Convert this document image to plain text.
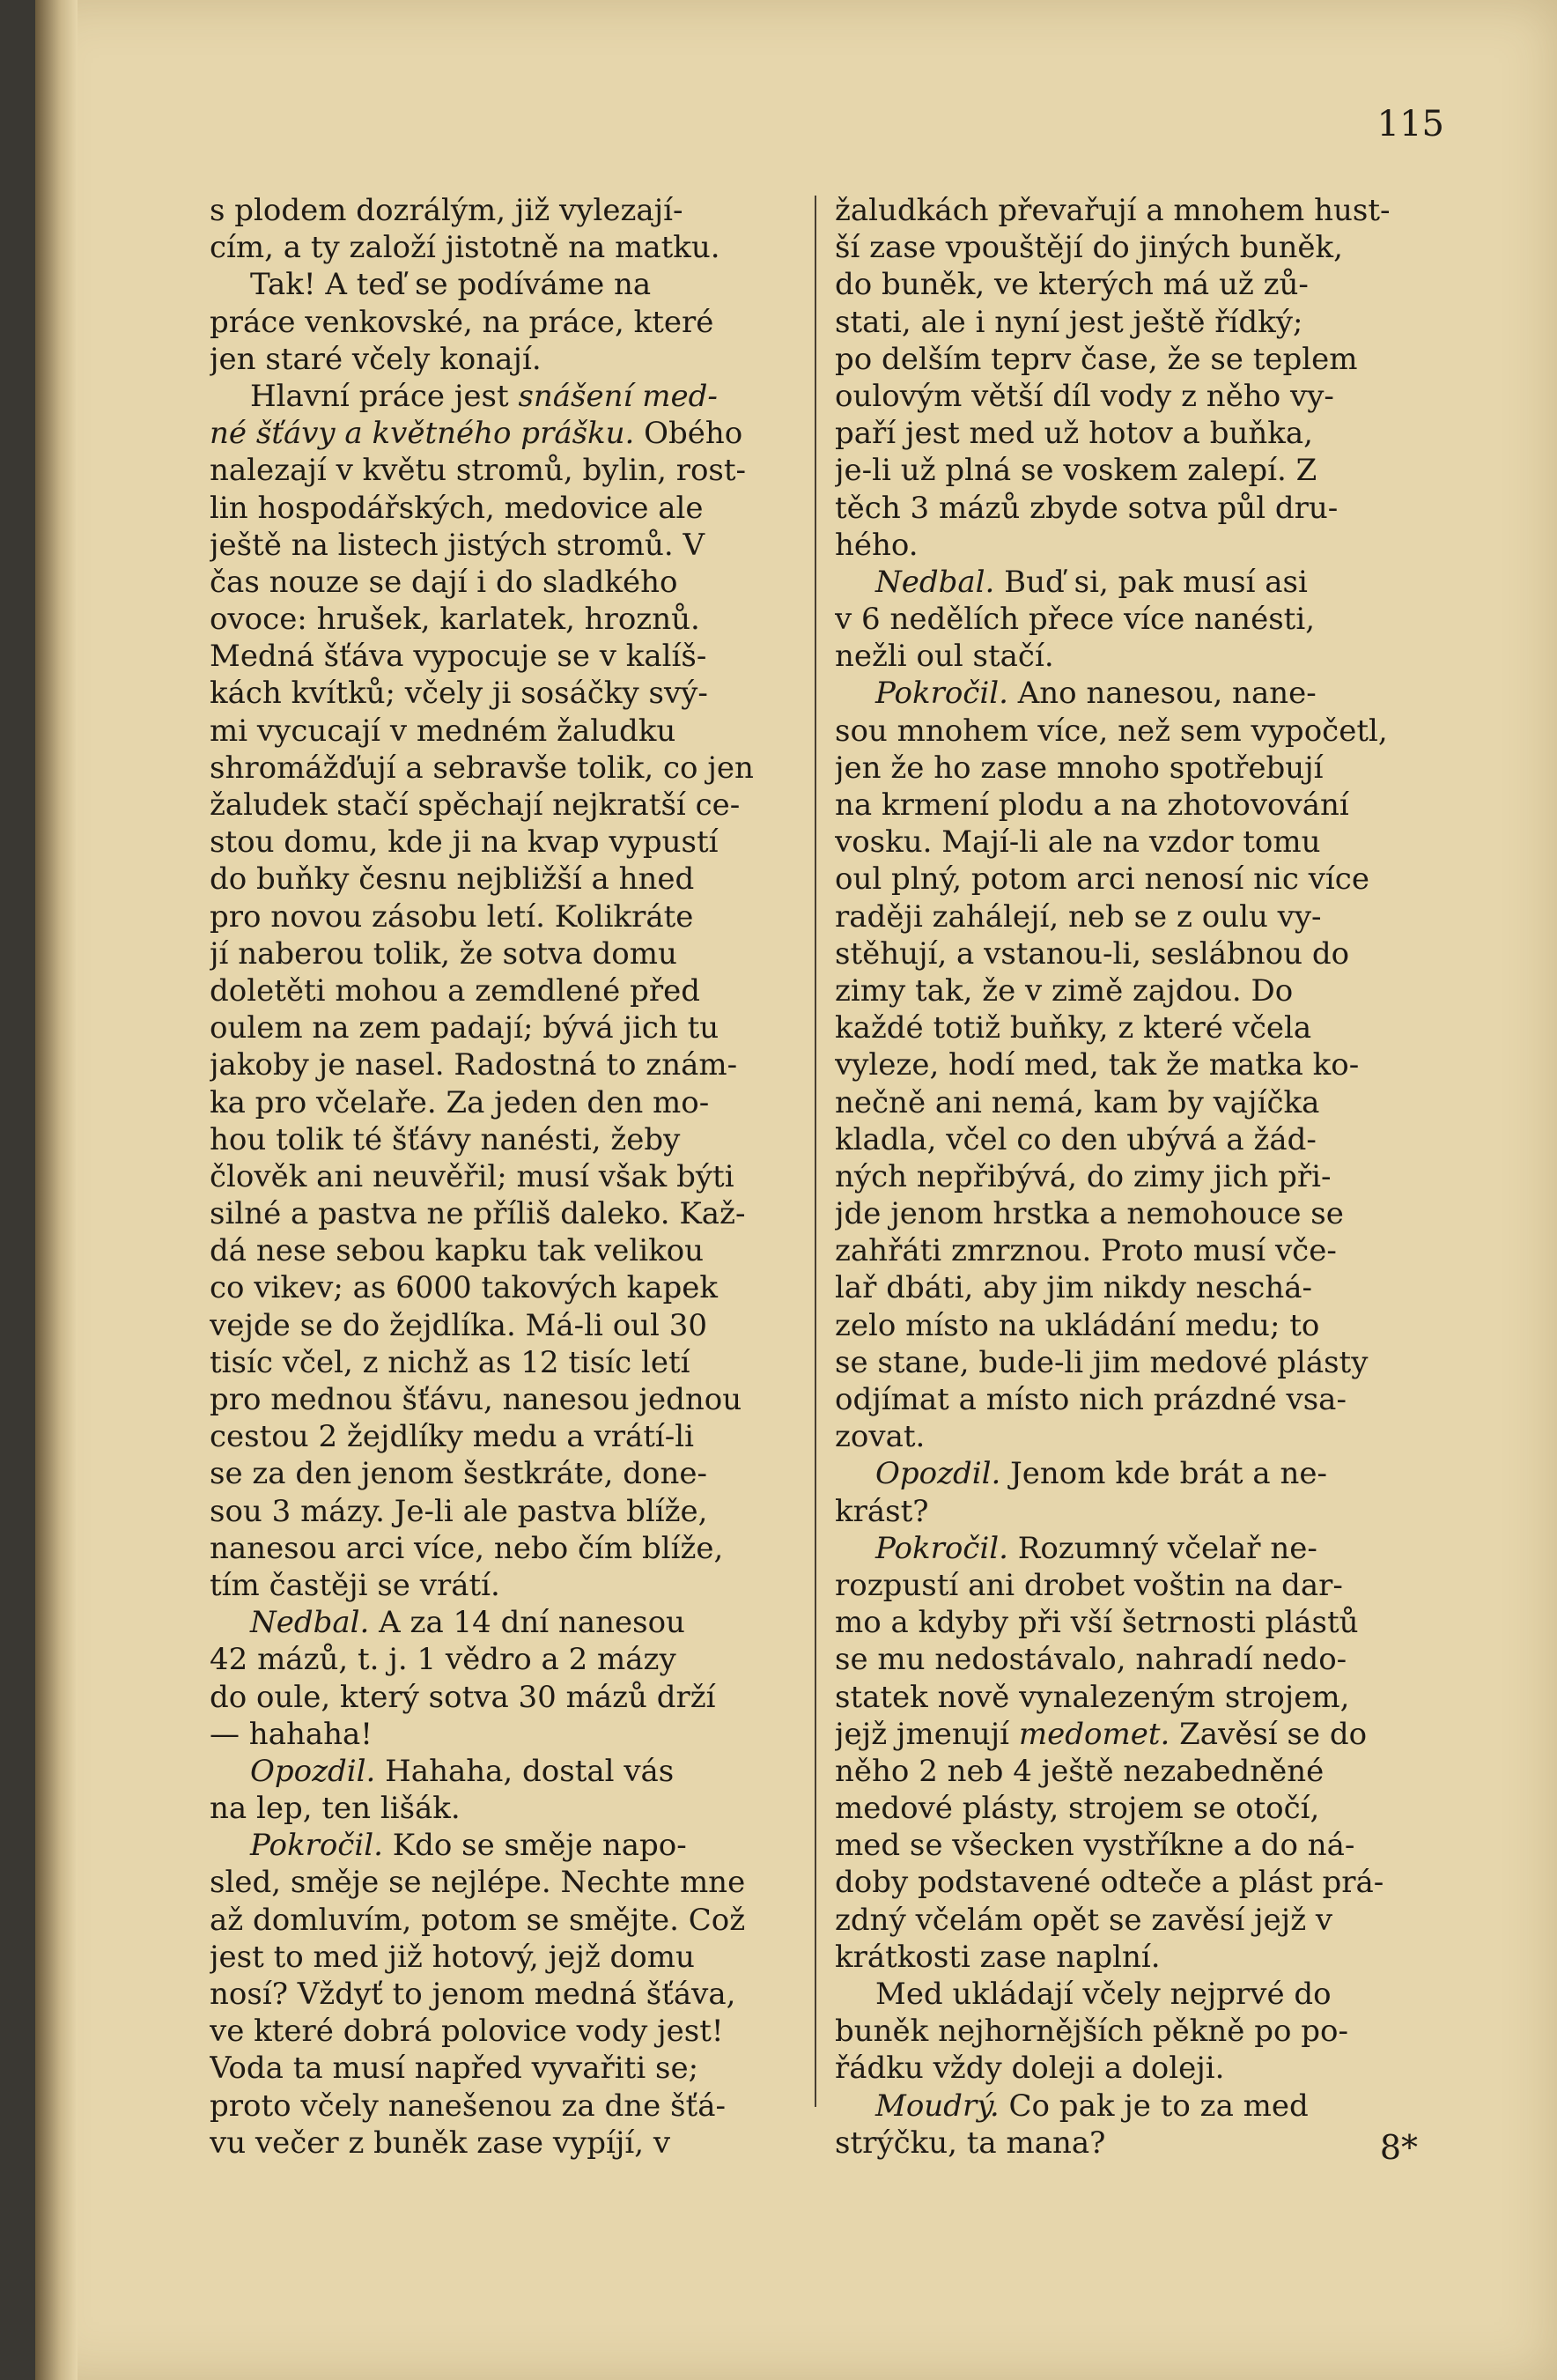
115
s plodem dozrálým, již vylezají-
cím, a ty založí jistotně na matku.
Tak! A teď se podíváme na
práce venkovské, na práce, které
jen staré včely konají.
Hlavní práce jest snášení med-
né šťávy a květného prášku. Obého
nalezají v květu stromů, bylin, rost-
lin hospodářských, medovice ale
ještě na listech jistých stromů. V
čas nouze se dají i do sladkého
ovoce: hrušek, karlatek, hroznů.
Medná šťáva vypocuje se v kalíš-
kách kvítků; včely ji sosáčky svý-
mi vycucají v medném žaludku
shromážďují a sebravše tolik, co jen
žaludek stačí spěchají nejkratší ce-
stou domu, kde ji na kvap vypustí
do buňky česnu nejbližší a hned
pro novou zásobu letí. Kolikráte
jí naberou tolik, že sotva domu
doletěti mohou a zemdlené před
oulem na zem padají; bývá jich tu
jakoby je nasel. Radostná to znám-
ka pro včelaře. Za jeden den mo-
hou tolik té šťávy nanésti, žeby
člověk ani neuvěřil; musí však býti
silné a pastva ne příliš daleko. Kaž-
dá nese sebou kapku tak velikou
co vikev; as 6000 takových kapek
vejde se do žejdlíka. Má-li oul 30
tisíc včel, z nichž as 12 tisíc letí
pro mednou šťávu, nanesou jednou
cestou 2 žejdlíky medu a vrátí-li
se za den jenom šestkráte, done-
sou 3 mázy. Je-li ale pastva blíže,
nanesou arci více, nebo čím blíže,
tím častěji se vrátí.
Nedbal. A za 14 dní nanesou
42 mázů, t. j. 1 vědro a 2 mázy
do oule, který sotva 30 mázů drží
— hahaha!
Opozdil. Hahaha, dostal vás
na lep, ten lišák.
Pokročil. Kdo se směje napo-
sled, směje se nejlépe. Nechte mne
až domluvím, potom se smějte. Což
jest to med již hotový, jejž domu
nosí? Vždyť to jenom medná šťáva,
ve které dobrá polovice vody jest!
Voda ta musí napřed vyvařiti se;
proto včely nanešenou za dne šťá-
vu večer z buněk zase vypíjí, v
žaludkách převařují a mnohem hust-
ší zase vpouštějí do jiných buněk,
do buněk, ve kterých má už zů-
stati, ale i nyní jest ještě řídký;
po delším teprv čase, že se teplem
oulovým větší díl vody z něho vy-
paří jest med už hotov a buňka,
je-li už plná se voskem zalepí. Z
těch 3 mázů zbyde sotva půl dru-
hého.
Nedbal. Buď si, pak musí asi
v 6 nedělích přece více nanésti,
nežli oul stačí.
Pokročil. Ano nanesou, nane-
sou mnohem více, než sem vypočetl,
jen že ho zase mnoho spotřebují
na krmení plodu a na zhotovování
vosku. Mají-li ale na vzdor tomu
oul plný, potom arci nenosí nic více
raději zahálejí, neb se z oulu vy-
stěhují, a vstanou-li, seslábnou do
zimy tak, že v zimě zajdou. Do
každé totiž buňky, z které včela
vyleze, hodí med, tak že matka ko-
nečně ani nemá, kam by vajíčka
kladla, včel co den ubývá a žád-
ných nepřibývá, do zimy jich při-
jde jenom hrstka a nemohouce se
zahřáti zmrznou. Proto musí vče-
lař dbáti, aby jim nikdy neschá-
zelo místo na ukládání medu; to
se stane, bude-li jim medové plásty
odjímat a místo nich prázdné vsa-
zovat.
Opozdil. Jenom kde brát a ne-
krást?
Pokročil. Rozumný včelař ne-
rozpustí ani drobet voštin na dar-
mo a kdyby při vší šetrnosti plástů
se mu nedostávalo, nahradí nedo-
statek nově vynalezeným strojem,
jejž jmenují medomet. Zavěsí se do
něho 2 neb 4 ještě nezabedněné
medové plásty, strojem se otočí,
med se všecken vystříkne a do ná-
doby podstavené odteče a plást prá-
zdný včelám opět se zavěsí jejž v
krátkosti zase naplní.
Med ukládají včely nejprvé do
buněk nejhornějších pěkně po po-
řádku vždy doleji a doleji.
Moudrý. Co pak je to za med
strýčku, ta mana?	8*
